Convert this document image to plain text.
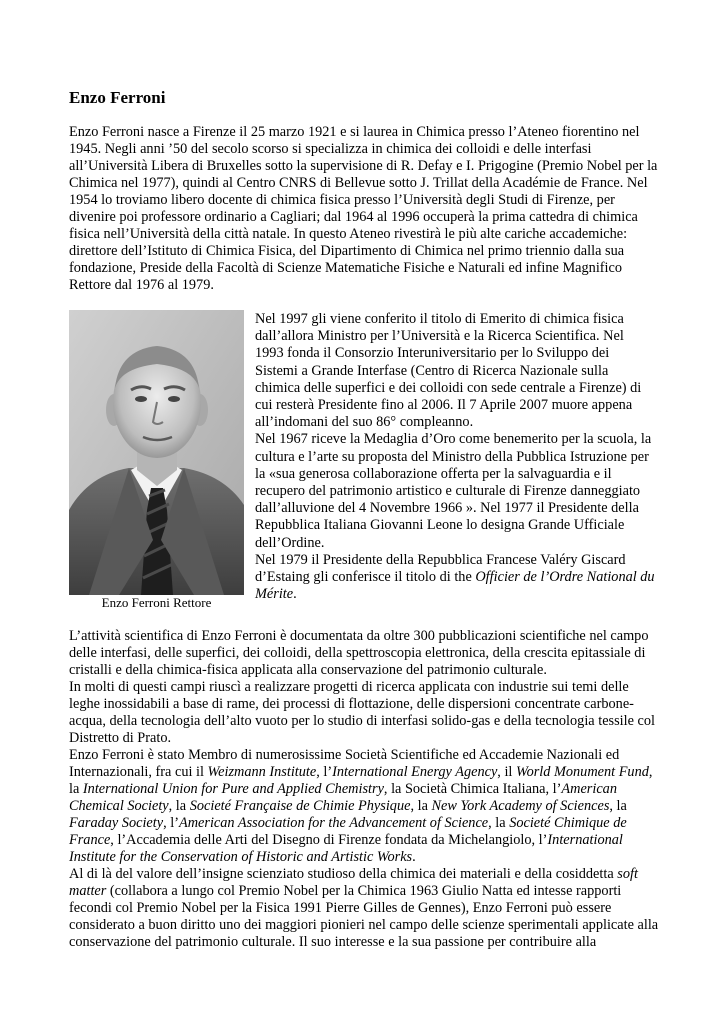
Enzo Ferroni

Enzo Ferroni nasce a Firenze il 25 marzo 1921 e si laurea in Chimica presso l’Ateneo fiorentino nel 1945. Negli anni ’50 del secolo scorso si specializza in chimica dei colloidi e delle interfasi all’Università Libera di Bruxelles sotto la supervisione di R. Defay e I. Prigogine (Premio Nobel per la Chimica nel 1977), quindi al Centro CNRS di Bellevue sotto J. Trillat della Académie de France. Nel 1954 lo troviamo libero docente di chimica fisica presso l’Università degli Studi di Firenze, per divenire poi professore ordinario a Cagliari; dal 1964 al 1996 occuperà la prima cattedra di chimica fisica nell’Università della città natale. In questo Ateneo rivestirà le più alte cariche accademiche: direttore dell’Istituto di Chimica Fisica, del Dipartimento di Chimica nel primo triennio dalla sua fondazione, Preside della Facoltà di Scienze Matematiche Fisiche e Naturali ed infine Magnifico Rettore dal 1976 al 1979.

Enzo Ferroni Rettore

Nel 1997 gli viene conferito il titolo di Emerito di chimica fisica dall’allora Ministro per l’Università e la Ricerca Scientifica. Nel 1993 fonda il Consorzio Interuniversitario per lo Sviluppo dei Sistemi a Grande Interfase (Centro di Ricerca Nazionale sulla chimica delle superfici e dei colloidi con sede centrale a Firenze) di cui resterà Presidente fino al 2006. Il 7 Aprile 2007 muore appena all’indomani del suo 86° compleanno.

Nel 1967 riceve la Medaglia d’Oro come benemerito per la scuola, la cultura e l’arte su proposta del Ministro della Pubblica Istruzione per la «sua generosa collaborazione offerta per la salvaguardia e il recupero del patrimonio artistico e culturale di Firenze danneggiato dall’alluvione del 4 Novembre 1966 ». Nel 1977 il Presidente della Repubblica Italiana Giovanni Leone lo designa Grande Ufficiale dell’Ordine.

Nel 1979 il Presidente della Repubblica Francese Valéry Giscard d’Estaing gli conferisce il titolo di the Officier de l’Ordre National du Mérite.

L’attività scientifica di Enzo Ferroni è documentata da oltre 300 pubblicazioni scientifiche nel campo delle interfasi, delle superfici, dei colloidi, della spettroscopia elettronica, della crescita epitassiale di cristalli e della chimica-fisica applicata alla conservazione del patrimonio culturale.

In molti di questi campi riuscì a realizzare progetti di ricerca applicata con industrie sui temi delle leghe inossidabili a base di rame, dei processi di flottazione, delle dispersioni concentrate carbone-acqua, della tecnologia dell’alto vuoto per lo studio di interfasi solido-gas e della tecnologia tessile col Distretto di Prato.

Enzo Ferroni è stato Membro di numerosissime Società Scientifiche ed Accademie Nazionali ed Internazionali, fra cui il Weizmann Institute, l’International Energy Agency, il World Monument Fund, la International Union for Pure and Applied Chemistry, la Società Chimica Italiana, l’American Chemical Society, la Societé Française de Chimie Physique, la New York Academy of Sciences, la Faraday Society, l’American Association for the Advancement of Science, la Societé Chimique de France, l’Accademia delle Arti del Disegno di Firenze fondata da Michelangiolo, l’International Institute for the Conservation of Historic and Artistic Works.

Al di là del valore dell’insigne scienziato studioso della chimica dei materiali e della cosiddetta soft matter (collabora a lungo col Premio Nobel per la Chimica 1963 Giulio Natta ed intesse rapporti fecondi col Premio Nobel per la Fisica 1991 Pierre Gilles de Gennes), Enzo Ferroni può essere considerato a buon diritto uno dei maggiori pionieri nel campo delle scienze sperimentali applicate alla conservazione del patrimonio culturale. Il suo interesse e la sua passione per contribuire alla
